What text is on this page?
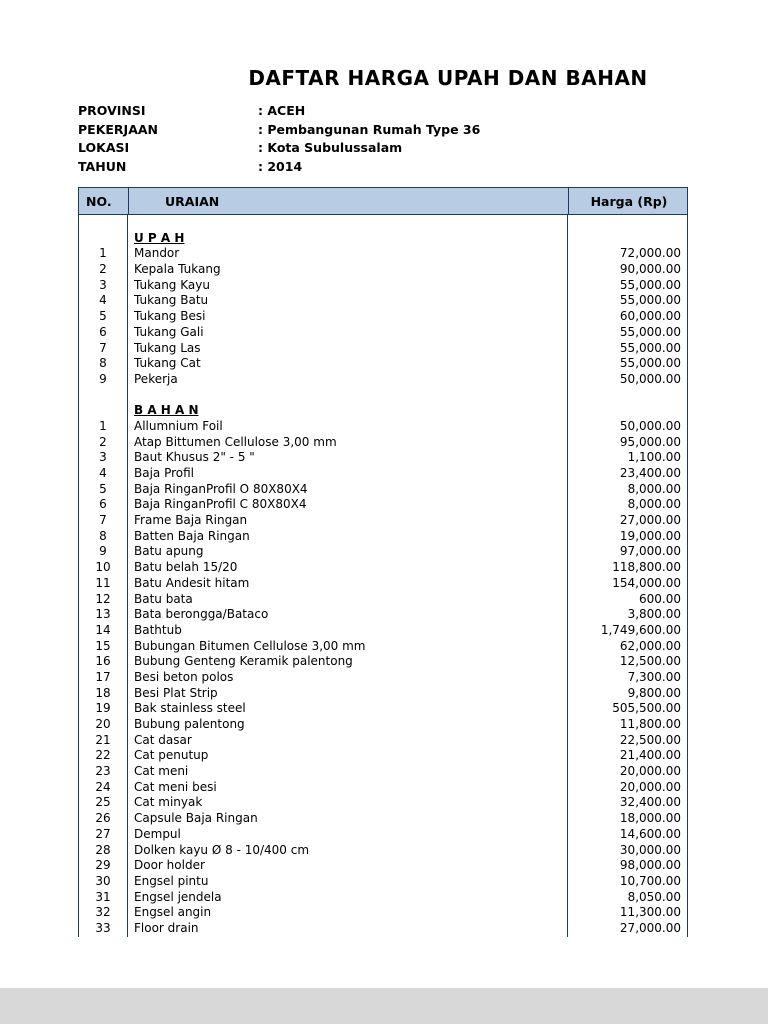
DAFTAR HARGA UPAH DAN BAHAN
PROVINSI	: ACEH
PEKERJAAN	: Pembangunan Rumah Type 36
LOKASI	: Kota Subulussalam
TAHUN	: 2014
NO.	URAIAN	Harga (Rp)
U P A H
1	Mandor	72,000.00
2	Kepala Tukang	90,000.00
3	Tukang Kayu	55,000.00
4	Tukang Batu	55,000.00
5	Tukang Besi	60,000.00
6	Tukang Gali	55,000.00
7	Tukang Las	55,000.00
8	Tukang Cat	55,000.00
9	Pekerja	50,000.00
B A H A N
1	Allumnium Foil	50,000.00
2	Atap Bittumen Cellulose 3,00 mm	95,000.00
3	Baut Khusus 2" - 5 "	1,100.00
4	Baja Profil	23,400.00
5	Baja RinganProfil O 80X80X4	8,000.00
6	Baja RinganProfil C 80X80X4	8,000.00
7	Frame Baja Ringan	27,000.00
8	Batten Baja Ringan	19,000.00
9	Batu apung	97,000.00
10	Batu belah 15/20	118,800.00
11	Batu Andesit hitam	154,000.00
12	Batu bata	600.00
13	Bata berongga/Bataco	3,800.00
14	Bathtub	1,749,600.00
15	Bubungan Bitumen Cellulose 3,00 mm	62,000.00
16	Bubung Genteng Keramik palentong	12,500.00
17	Besi beton polos	7,300.00
18	Besi Plat Strip	9,800.00
19	Bak stainless steel	505,500.00
20	Bubung palentong	11,800.00
21	Cat dasar	22,500.00
22	Cat penutup	21,400.00
23	Cat meni	20,000.00
24	Cat meni besi	20,000.00
25	Cat minyak	32,400.00
26	Capsule Baja Ringan	18,000.00
27	Dempul	14,600.00
28	Dolken kayu Ø 8 - 10/400 cm	30,000.00
29	Door holder	98,000.00
30	Engsel pintu	10,700.00
31	Engsel jendela	8,050.00
32	Engsel angin	11,300.00
33	Floor drain	27,000.00
